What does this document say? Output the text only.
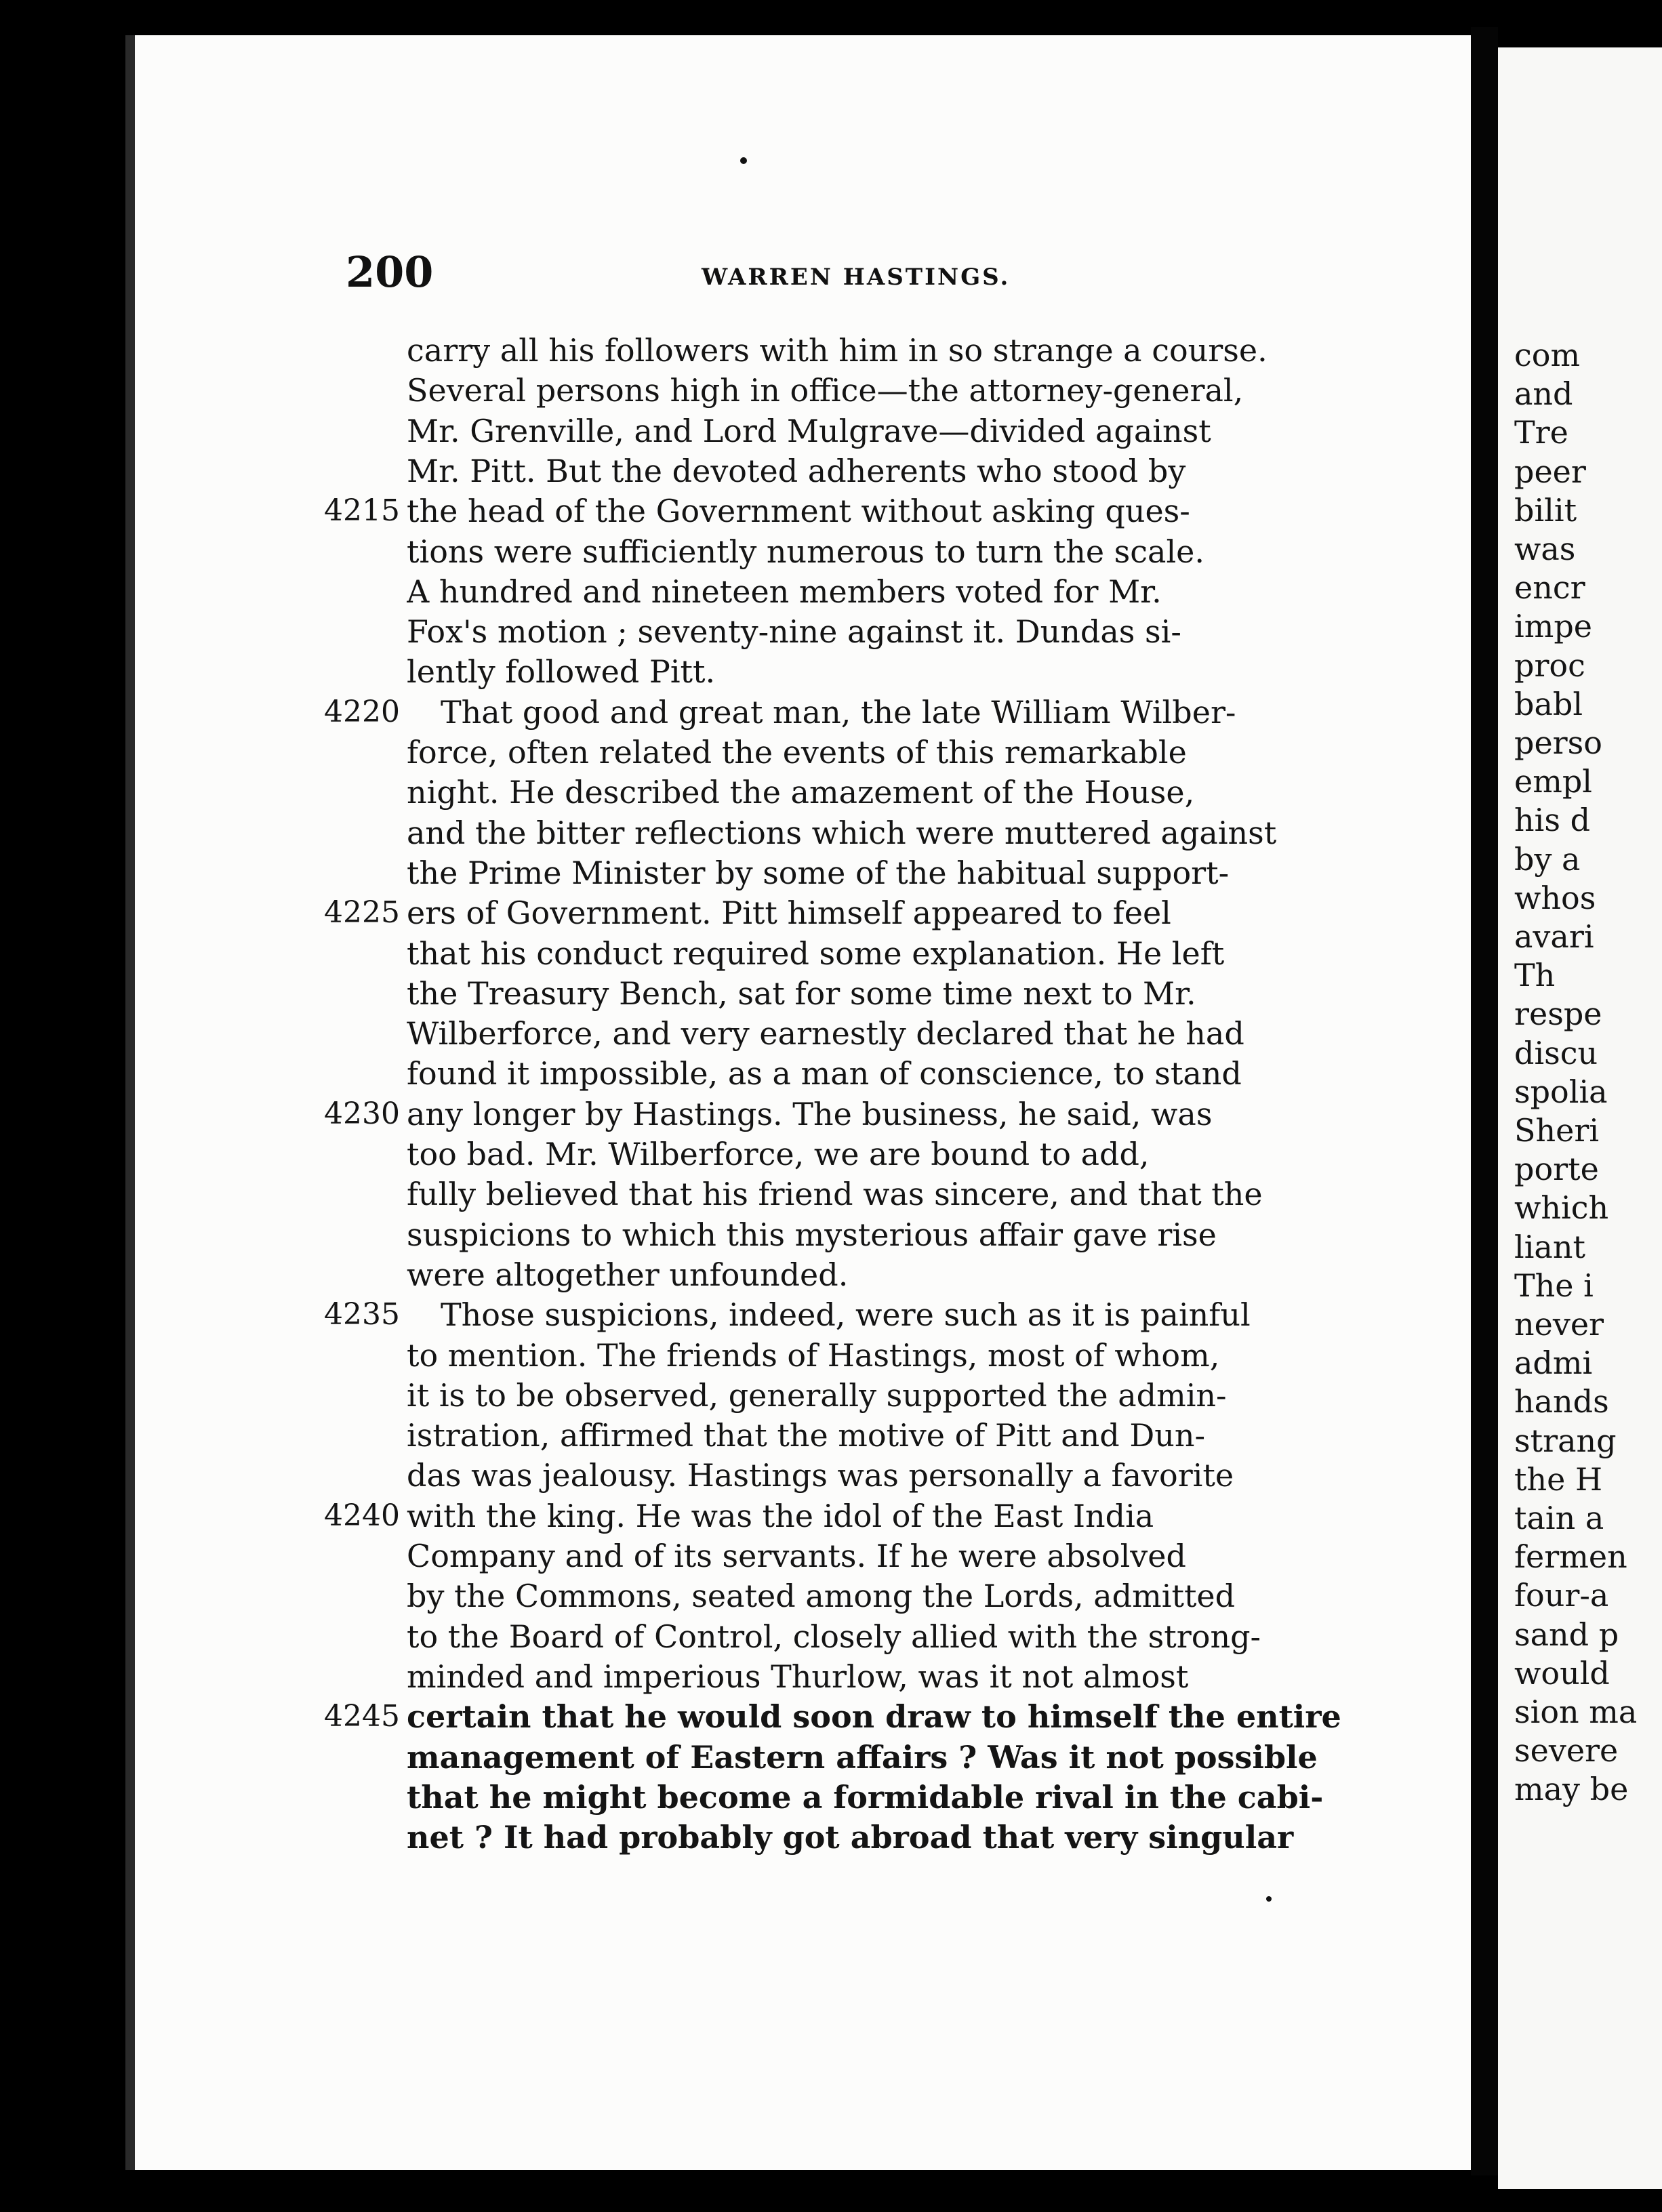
200	WARREN HASTINGS.
carry all his followers with him in so strange a course.
Several persons high in office—the attorney-general,
Mr. Grenville, and Lord Mulgrave—divided against
Mr. Pitt. But the devoted adherents who stood by
the head of the Government without asking ques-
4215
tions were sufficiently numerous to turn the scale.
A hundred and nineteen members voted for Mr.
Fox's motion ; seventy-nine against it. Dundas si-
lently followed Pitt.
That good and great man, the late William Wilber-
4220
force, often related the events of this remarkable
night. He described the amazement of the House,
and the bitter reflections which were muttered against
the Prime Minister by some of the habitual support-
ers of Government. Pitt himself appeared to feel
4225
that his conduct required some explanation. He left
the Treasury Bench, sat for some time next to Mr.
Wilberforce, and very earnestly declared that he had
found it impossible, as a man of conscience, to stand
any longer by Hastings. The business, he said, was
4230
too bad. Mr. Wilberforce, we are bound to add,
fully believed that his friend was sincere, and that the
suspicions to which this mysterious affair gave rise
were altogether unfounded.
Those suspicions, indeed, were such as it is painful
4235
to mention. The friends of Hastings, most of whom,
it is to be observed, generally supported the admin-
istration, affirmed that the motive of Pitt and Dun-
das was jealousy. Hastings was personally a favorite
with the king. He was the idol of the East India
4240
Company and of its servants. If he were absolved
by the Commons, seated among the Lords, admitted
to the Board of Control, closely allied with the strong-
minded and imperious Thurlow, was it not almost
certain that he would soon draw to himself the entire
4245
management of Eastern affairs ? Was it not possible
that he might become a formidable rival in the cabi-
net ? It had probably got abroad that very singular
com
and
Tre
peer
bilit
was
encr
impe
proc
babl
perso
empl
his d
by a
whos
avari
Th
respe
discu
spolia
Sheri
porte
which
liant
The i
never
admi
hands
strang
the H
tain a
fermen
four-a
sand p
would
sion ma
severe
may be
